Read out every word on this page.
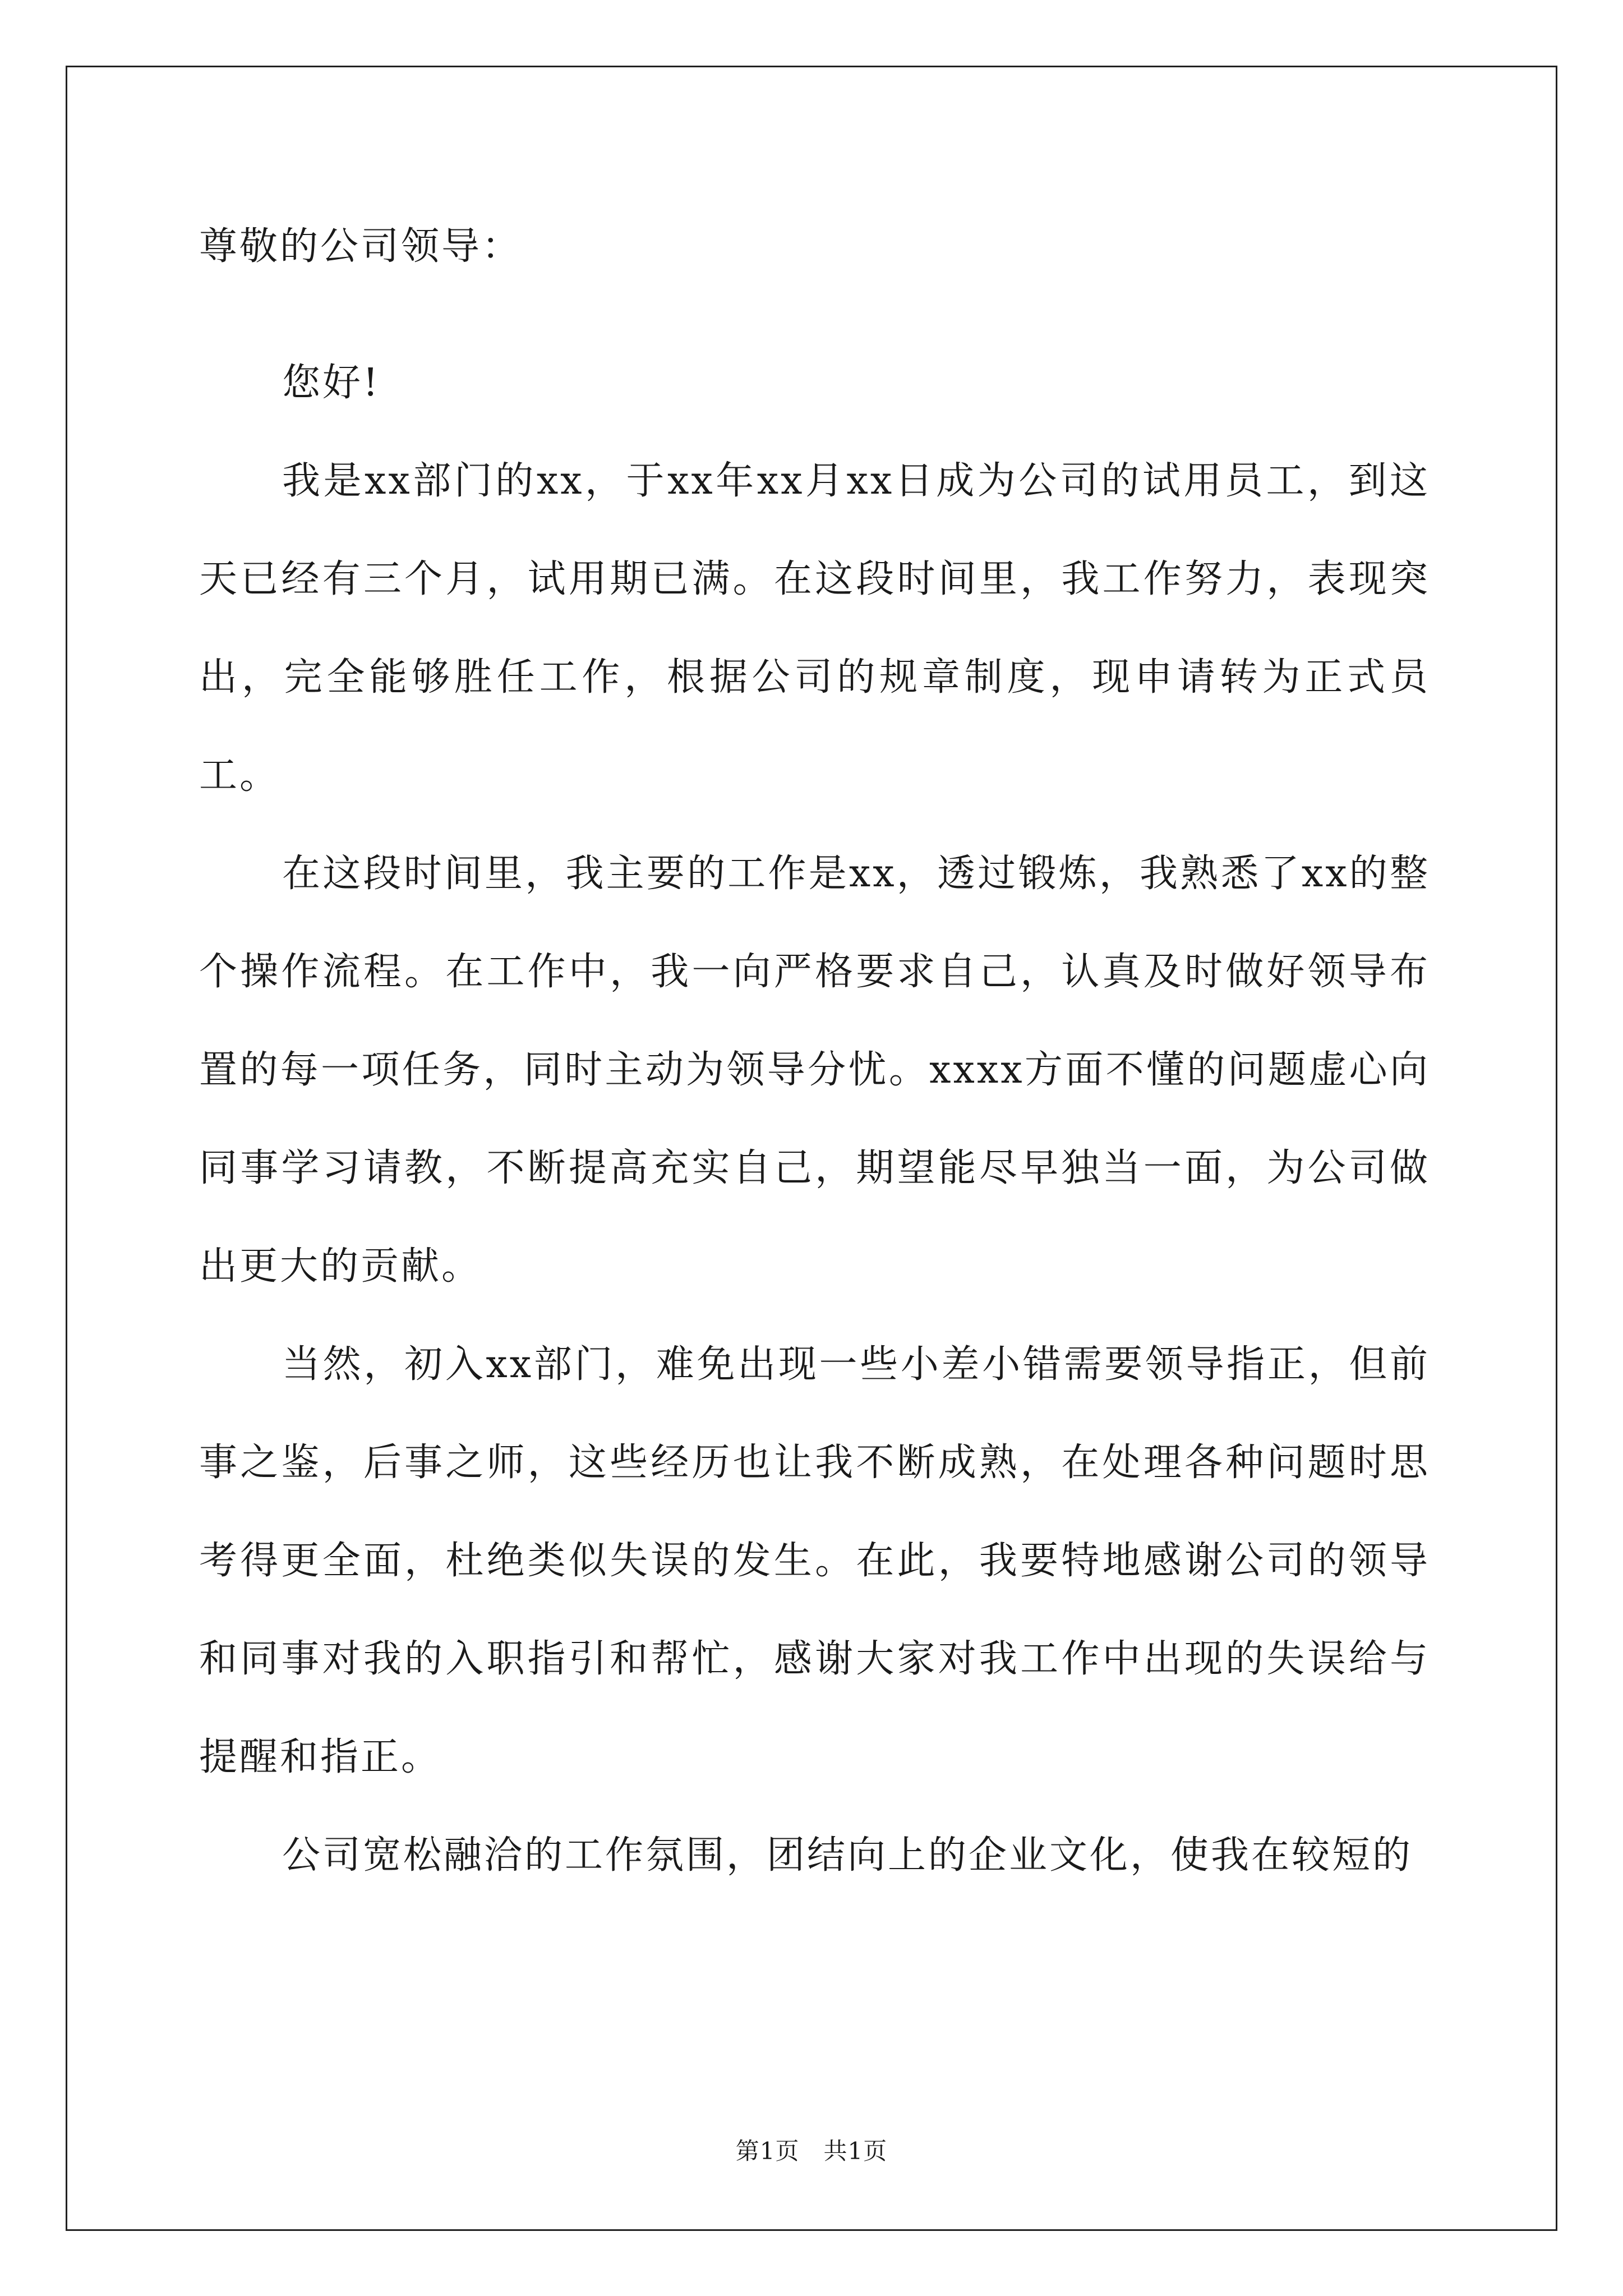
尊敬的公司领导：

您好!

我是xx部门的xx，于xx年xx月xx日成为公司的试用员工，到这天已经有三个月，试用期已满。在这段时间里，我工作努力，表现突出，完全能够胜任工作，根据公司的规章制度，现申请转为正式员工。

在这段时间里，我主要的工作是xx，透过锻炼，我熟悉了xx的整个操作流程。在工作中，我一向严格要求自己，认真及时做好领导布置的每一项任务，同时主动为领导分忧。xxxx方面不懂的问题虚心向同事学习请教，不断提高充实自己，期望能尽早独当一面，为公司做出更大的贡献。

当然，初入xx部门，难免出现一些小差小错需要领导指正，但前事之鉴，后事之师，这些经历也让我不断成熟，在处理各种问题时思考得更全面，杜绝类似失误的发生。在此，我要特地感谢公司的领导和同事对我的入职指引和帮忙，感谢大家对我工作中出现的失误给与提醒和指正。

公司宽松融洽的工作氛围，团结向上的企业文化，使我在较短的

第1页   共1页
